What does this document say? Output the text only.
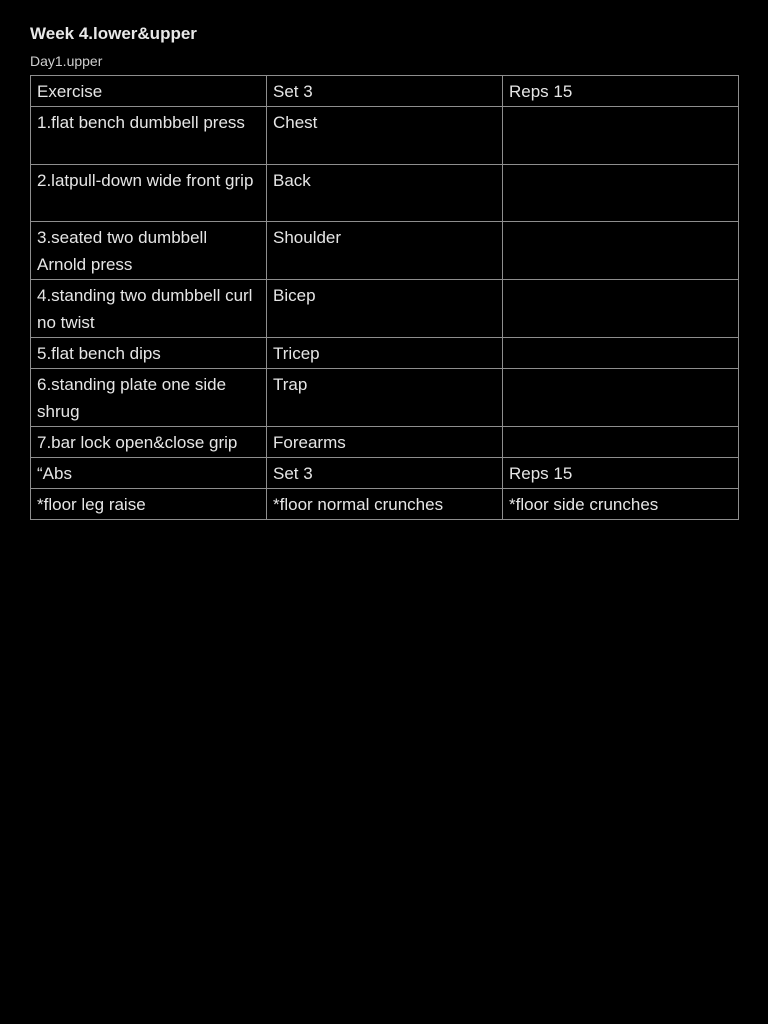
Week 4.lower&upper
Day1.upper
Exercise	Set 3	Reps 15
1.flat bench dumbbell press	Chest	
2.latpull-down wide front grip	Back	
3.seated two dumbbell Arnold press	Shoulder	
4.standing two dumbbell curl no twist	Bicep	
5.flat bench dips	Tricep	
6.standing plate one side shrug	Trap	
7.bar lock open&close grip	Forearms	
“Abs	Set 3	Reps 15
*floor leg raise	*floor normal crunches	*floor side crunches
